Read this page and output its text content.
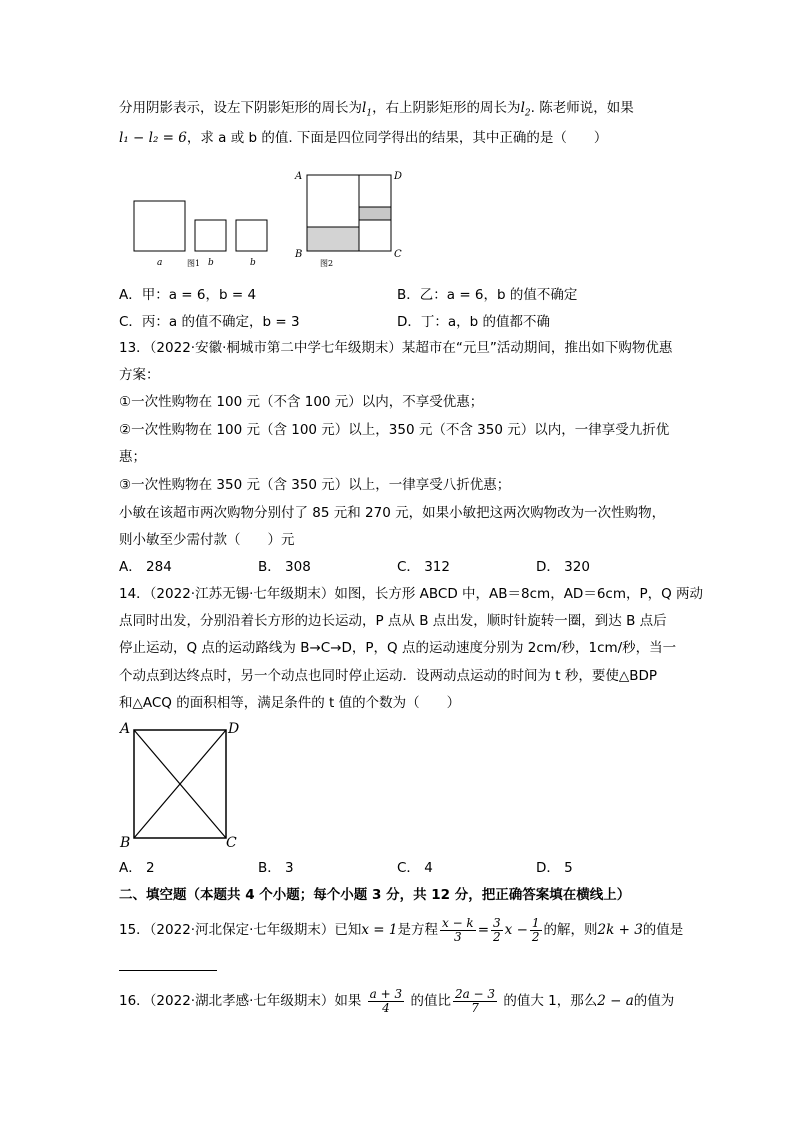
分用阴影表示，设左下阴影矩形的周长为$l_1$，右上阴影矩形的周长为$l_2$. 陈老师说，如果
l₁ − l₂ = 6，求 a 或 b 的值. 下面是四位同学得出的结果，其中正确的是（　　）
a	图1 b	b
A	D
B	C
图2
A．甲：a = 6，b = 4	B．乙：a = 6，b 的值不确定
C．丙：a 的值不确定，b = 3	D．丁：a，b 的值都不确
13．（2022·安徽·桐城市第二中学七年级期末）某超市在“元旦”活动期间，推出如下购物优惠
方案：
①一次性购物在 100 元（不含 100 元）以内，不享受优惠；
②一次性购物在 100 元（含 100 元）以上，350 元（不含 350 元）以内，一律享受九折优
惠；
③一次性购物在 350 元（含 350 元）以上，一律享受八折优惠；
小敏在该超市两次购物分别付了 85 元和 270 元，如果小敏把这两次购物改为一次性购物，
则小敏至少需付款（　　）元
A． 284	B． 308	C． 312	D． 320
14．（2022·江苏无锡·七年级期末）如图，长方形 ABCD 中，AB＝8cm，AD＝6cm，P，Q 两动
点同时出发，分别沿着长方形的边长运动，P 点从 B 点出发，顺时针旋转一圈，到达 B 点后
停止运动，Q 点的运动路线为 B→C→D，P，Q 点的运动速度分别为 2cm/秒，1cm/秒，当一
个动点到达终点时，另一个动点也同时停止运动．设两动点运动的时间为 t 秒，要使△BDP
和△ACQ 的面积相等，满足条件的 t 值的个数为（　　）
A	D
B	C
A． 2	B． 3	C． 4	D． 5
二、填空题（本题共 4 个小题；每个小题 3 分，共 12 分，把正确答案填在横线上）
15．（2022·河北保定·七年级期末）已知x = 1是方程 $\frac{x - k}{3} = \frac{3}{2}$ $x - \frac{1}{2}$ 的解，则2k + 3的值是
16．（2022·湖北孝感·七年级期末）如果 $\frac{a + 3}{4}$ 的值比 $\frac{2a - 3}{7}$ 的值大 1，那么2 − a的值为
